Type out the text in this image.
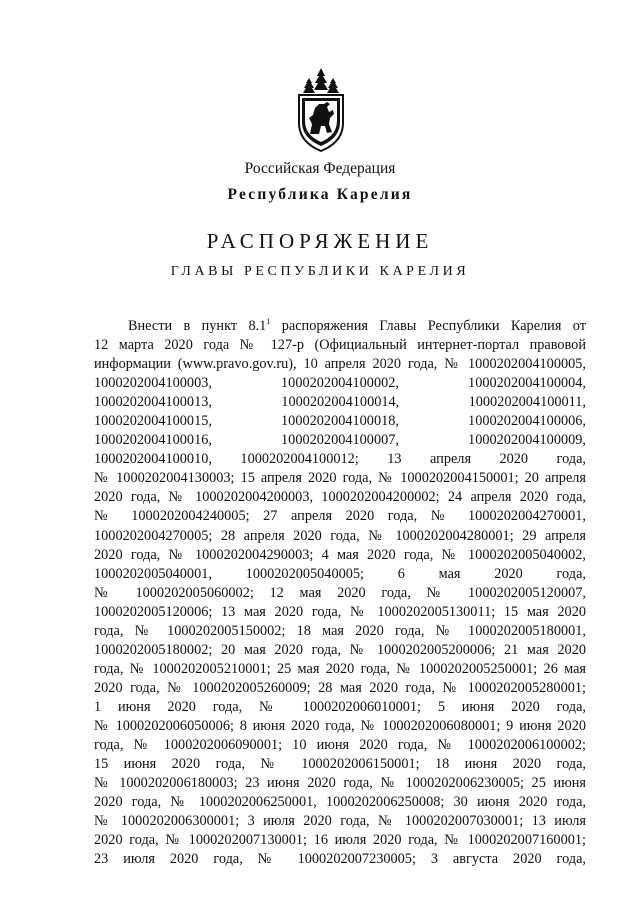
Российская Федерация
Республика Карелия
РАСПОРЯЖЕНИЕ
ГЛАВЫ РЕСПУБЛИКИ КАРЕЛИЯ
Внести в пункт $8.1^1$ распоряжения Главы Республики Карелия от
12 марта 2020 года № 127-р (Официальный интернет-портал правовой
информации (www.pravo.gov.ru), 10 апреля 2020 года, № 1000202004100005,
1000202004100003, 1000202004100002, 1000202004100004,
1000202004100013, 1000202004100014, 1000202004100011,
1000202004100015, 1000202004100018, 1000202004100006,
1000202004100016, 1000202004100007, 1000202004100009,
1000202004100010, 1000202004100012; 13 апреля 2020 года,
№ 1000202004130003; 15 апреля 2020 года, № 1000202004150001; 20 апреля
2020 года, № 1000202004200003, 1000202004200002; 24 апреля 2020 года,
№ 1000202004240005; 27 апреля 2020 года, № 1000202004270001,
1000202004270005; 28 апреля 2020 года, № 1000202004280001; 29 апреля
2020 года, № 1000202004290003; 4 мая 2020 года, № 1000202005040002,
1000202005040001, 1000202005040005; 6 мая 2020 года,
№ 1000202005060002; 12 мая 2020 года, № 1000202005120007,
1000202005120006; 13 мая 2020 года, № 1000202005130011; 15 мая 2020
года, № 1000202005150002; 18 мая 2020 года, № 1000202005180001,
1000202005180002; 20 мая 2020 года, № 1000202005200006; 21 мая 2020
года, № 1000202005210001; 25 мая 2020 года, № 1000202005250001; 26 мая
2020 года, № 1000202005260009; 28 мая 2020 года, № 1000202005280001;
1 июня 2020 года, № 1000202006010001; 5 июня 2020 года,
№ 1000202006050006; 8 июня 2020 года, № 1000202006080001; 9 июня 2020
года, № 1000202006090001; 10 июня 2020 года, № 1000202006100002;
15 июня 2020 года, № 1000202006150001; 18 июня 2020 года,
№ 1000202006180003; 23 июня 2020 года, № 1000202006230005; 25 июня
2020 года, № 1000202006250001, 1000202006250008; 30 июня 2020 года,
№ 1000202006300001; 3 июля 2020 года, № 1000202007030001; 13 июля
2020 года, № 1000202007130001; 16 июля 2020 года, № 1000202007160001;
23 июля 2020 года, № 1000202007230005; 3 августа 2020 года,
